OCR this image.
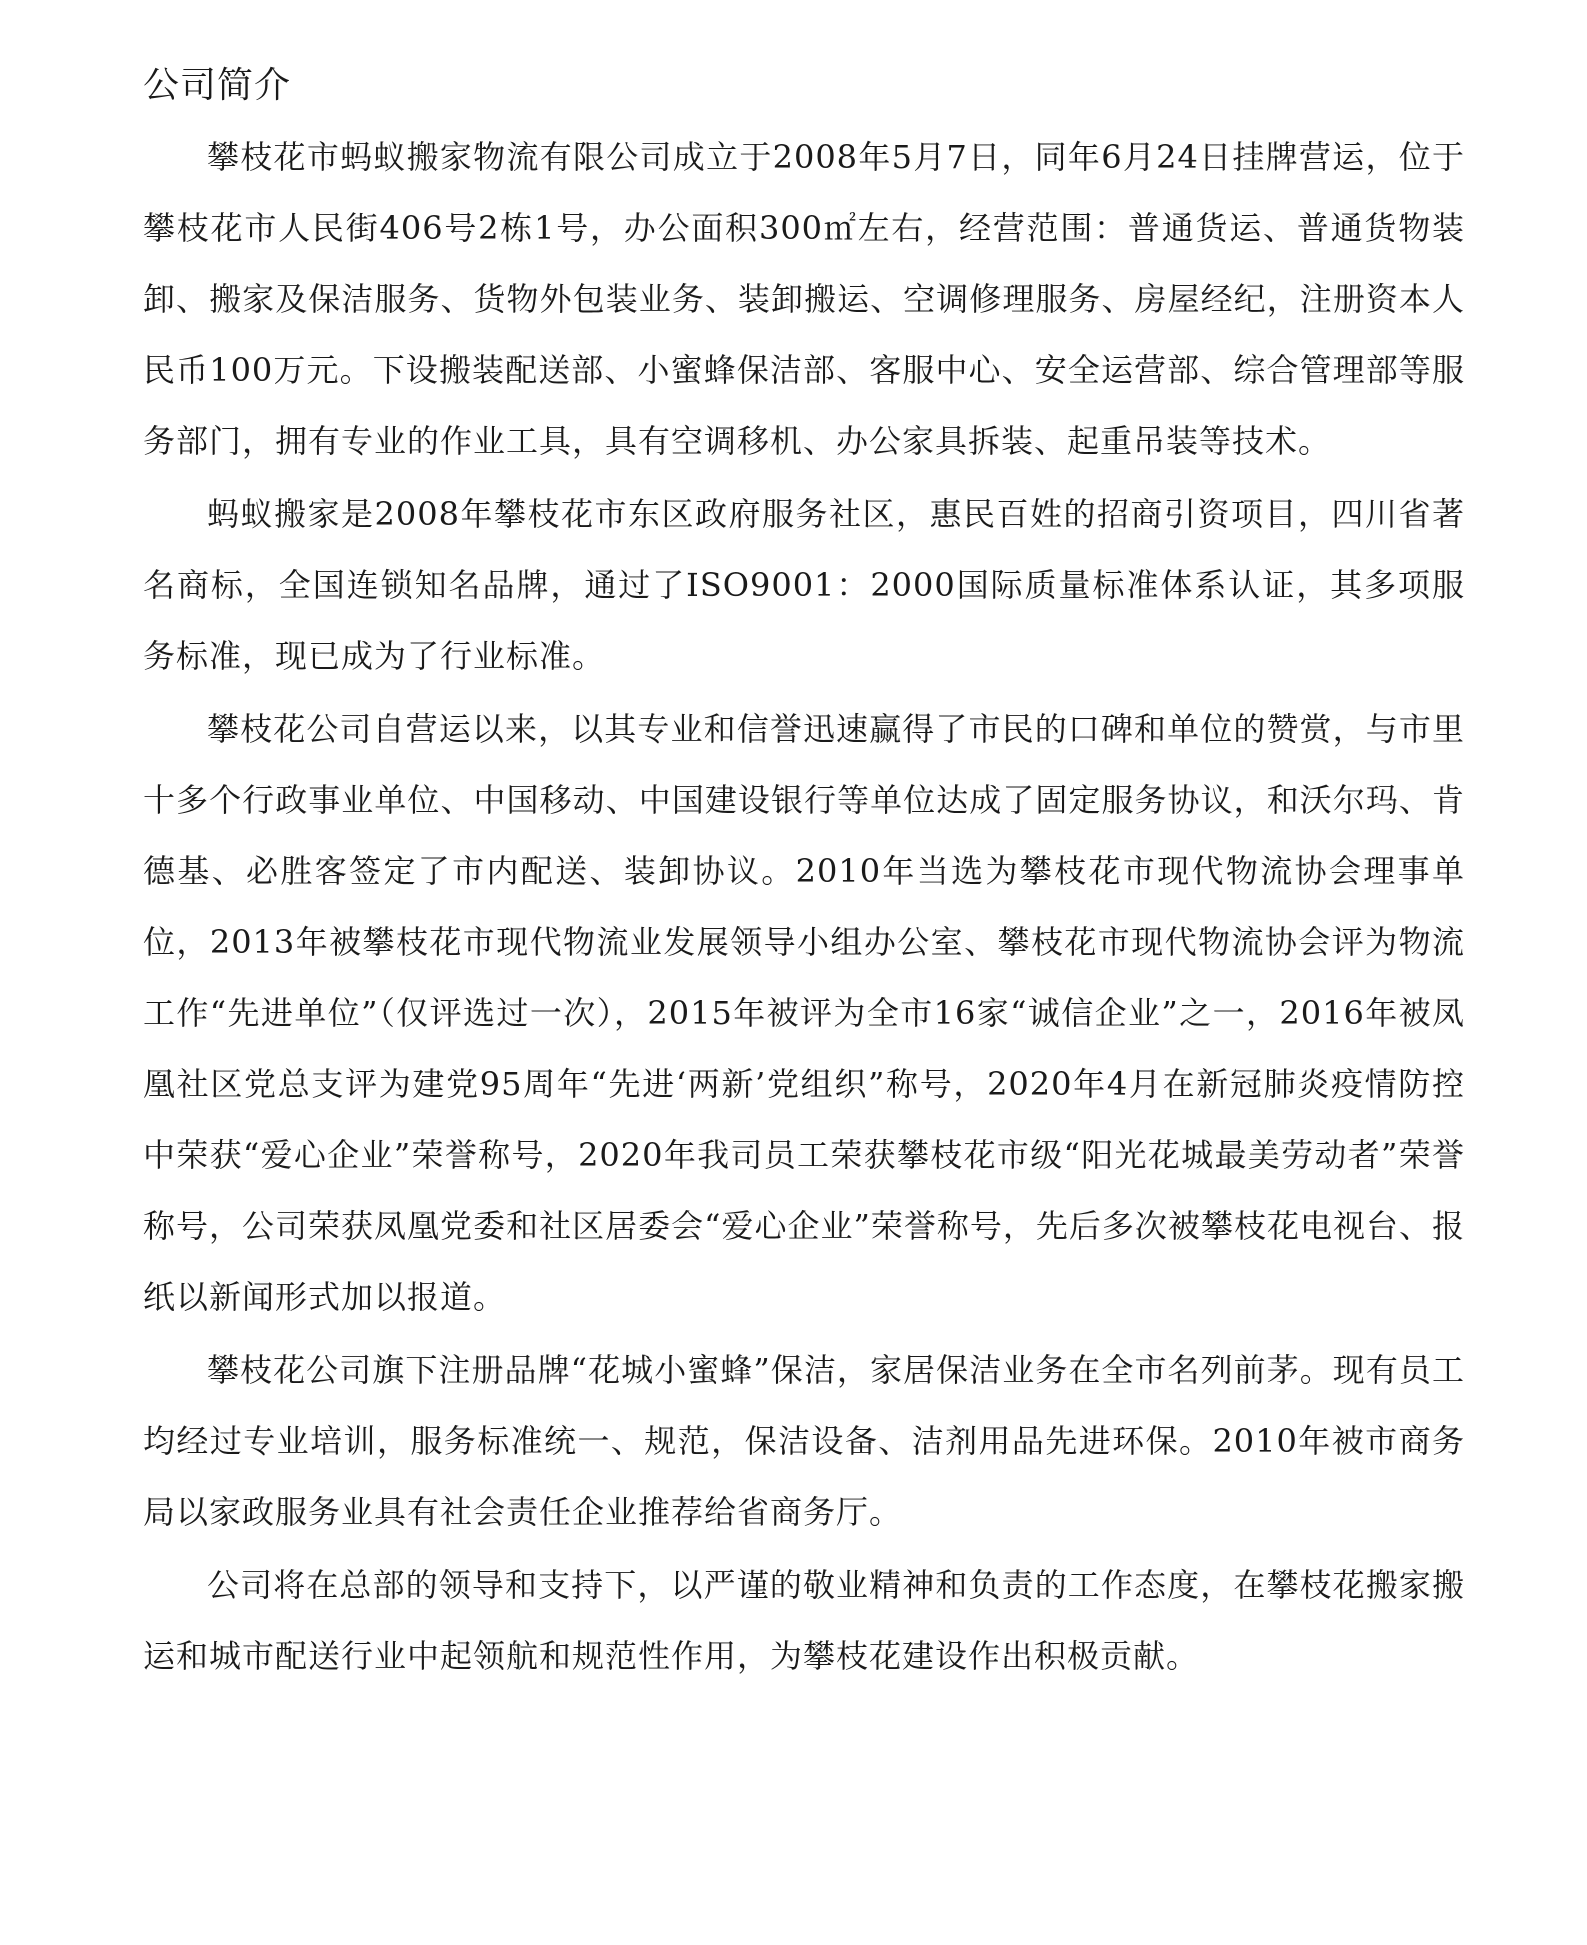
公司简介

攀枝花市蚂蚁搬家物流有限公司成立于2008年5月7日，同年6月24日挂牌营运，位于攀枝花市人民街406号2栋1号，办公面积300㎡左右，经营范围：普通货运、普通货物装卸、搬家及保洁服务、货物外包装业务、装卸搬运、空调修理服务、房屋经纪，注册资本人民币100万元。下设搬装配送部、小蜜蜂保洁部、客服中心、安全运营部、综合管理部等服务部门，拥有专业的作业工具，具有空调移机、办公家具拆装、起重吊装等技术。

蚂蚁搬家是2008年攀枝花市东区政府服务社区，惠民百姓的招商引资项目，四川省著名商标，全国连锁知名品牌，通过了ISO9001：2000国际质量标准体系认证，其多项服务标准，现已成为了行业标准。

攀枝花公司自营运以来，以其专业和信誉迅速赢得了市民的口碑和单位的赞赏，与市里十多个行政事业单位、中国移动、中国建设银行等单位达成了固定服务协议，和沃尔玛、肯德基、必胜客签定了市内配送、装卸协议。2010年当选为攀枝花市现代物流协会理事单位，2013年被攀枝花市现代物流业发展领导小组办公室、攀枝花市现代物流协会评为物流工作“先进单位”（仅评选过一次），2015年被评为全市16家“诚信企业”之一，2016年被凤凰社区党总支评为建党95周年“先进‘两新’党组织”称号，2020年4月在新冠肺炎疫情防控中荣获“爱心企业”荣誉称号，2020年我司员工荣获攀枝花市级“阳光花城最美劳动者”荣誉称号，公司荣获凤凰党委和社区居委会“爱心企业”荣誉称号，先后多次被攀枝花电视台、报纸以新闻形式加以报道。

攀枝花公司旗下注册品牌“花城小蜜蜂”保洁，家居保洁业务在全市名列前茅。现有员工均经过专业培训，服务标准统一、规范，保洁设备、洁剂用品先进环保。2010年被市商务局以家政服务业具有社会责任企业推荐给省商务厅。

公司将在总部的领导和支持下，以严谨的敬业精神和负责的工作态度，在攀枝花搬家搬运和城市配送行业中起领航和规范性作用，为攀枝花建设作出积极贡献。
